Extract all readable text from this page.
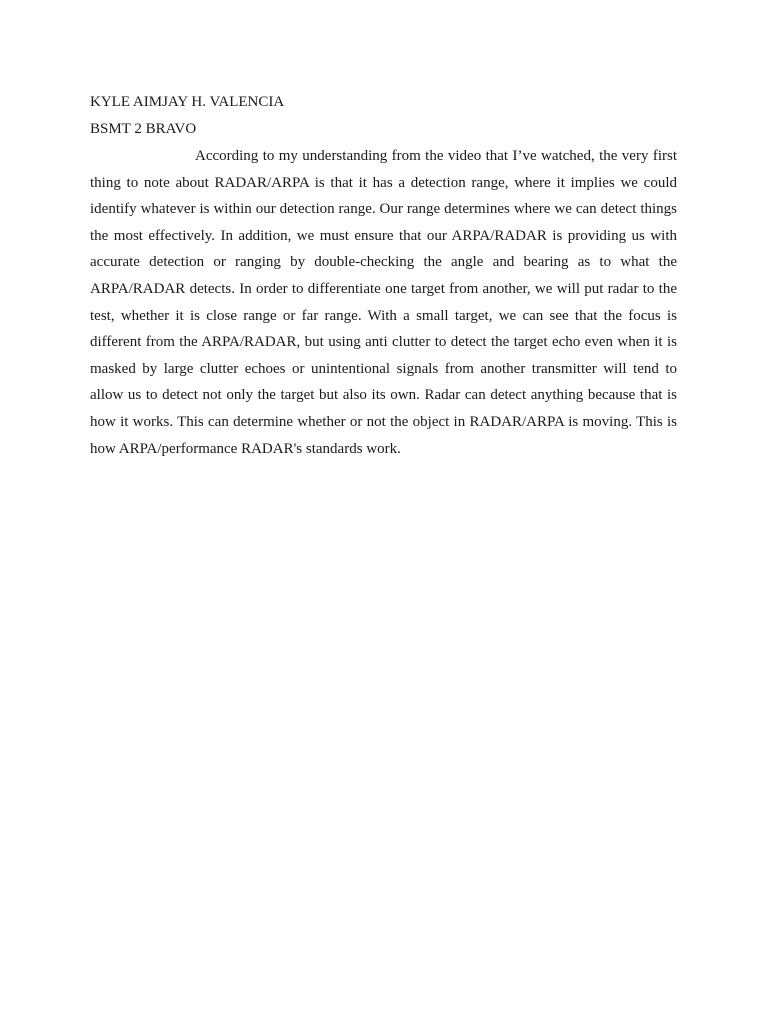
KYLE AIMJAY H. VALENCIA

BSMT 2 BRAVO

According to my understanding from the video that I’ve watched, the very first thing to note about RADAR/ARPA is that it has a detection range, where it implies we could identify whatever is within our detection range. Our range determines where we can detect things the most effectively. In addition, we must ensure that our ARPA/RADAR is providing us with accurate detection or ranging by double-checking the angle and bearing as to what the ARPA/RADAR detects. In order to differentiate one target from another, we will put radar to the test, whether it is close range or far range. With a small target, we can see that the focus is different from the ARPA/RADAR, but using anti clutter to detect the target echo even when it is masked by large clutter echoes or unintentional signals from another transmitter will tend to allow us to detect not only the target but also its own. Radar can detect anything because that is how it works. This can determine whether or not the object in RADAR/ARPA is moving. This is how ARPA/performance RADAR's standards work.
